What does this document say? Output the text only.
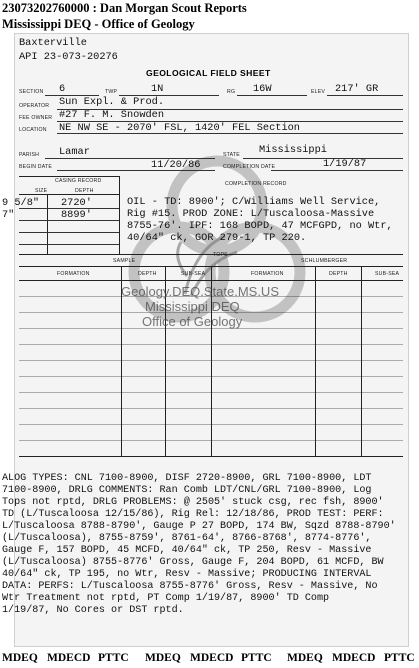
23073202760000 : Dan Morgan Scout Reports
Mississippi DEQ - Office of Geology
Baxterville
API 23-073-20276
GEOLOGICAL FIELD SHEET
SECTION 6	TWP	1N	RG 16W	ELEV 217' GR
OPERATOR Sun Expl. & Prod.
FEE OWNER #27 F. M. Snowden
LOCATION NE NW SE - 2070' FSL, 1420' FEL Section
PARISH Lamar	STATE Mississippi
BEGIN DATE	11/20/86	COMPLETION DATE	1/19/87
CASING RECORD
SIZE	DEPTH
COMPLETION RECORD
9 5/8" 2720'
7"	8899'
OIL - TD: 8900'; C/Williams Well Service,
Rig #15. PROD ZONE: L/Tuscaloosa-Massive
8755-76'. IPF: 168 BOPD, 47 MCFGPD, no Wtr,
40/64" ck, GOR 279-1, TP 220.
SAMPLE
TOPS
SCHLUMBERGER
FORMATION	DEPTH	SUB-SEA	FORMATION	DEPTH	SUB-SEA
Geology.DEQ.State.MS.US
Mississippi DEQ
Office of Geology
ALOG TYPES: CNL 7100-8900, DISF 2720-8900, GRL 7100-8900, LDT
7100-8900, DRLG COMMENTS: Ran Comb LDT/CNL/GRL 7100-8900, Log
Tops not rptd, DRLG PROBLEMS: @ 2505' stuck csg, rec fsh, 8900'
TD (L/Tuscaloosa 12/15/86), Rig Rel: 12/18/86, PROD TEST: PERF:
L/Tuscaloosa 8788-8790', Gauge P 27 BOPD, 174 BW, Sqzd 8788-8790'
(L/Tuscaloosa), 8755-8759', 8761-64', 8766-8768', 8774-8776',
Gauge F, 157 BOPD, 45 MCFD, 40/64" ck, TP 250, Resv - Massive
(L/Tuscaloosa) 8755-8776' Gross, Gauge F, 204 BOPD, 61 MCFD, BW
40/64" ck, TP 195, no Wtr, Resv - Massive; PRODUCING INTERVAL
DATA: PERFS: L/Tuscaloosa 8755-8776' Gross, Resv - Massive, No
Wtr Treatment not rptd, PT Comp 1/19/87, 8900' TD Comp
1/19/87, No Cores or DST rptd.
MDEQ MDECD PTTC MDEQ MDECD PTTC MDEQ MDECD PTTC
